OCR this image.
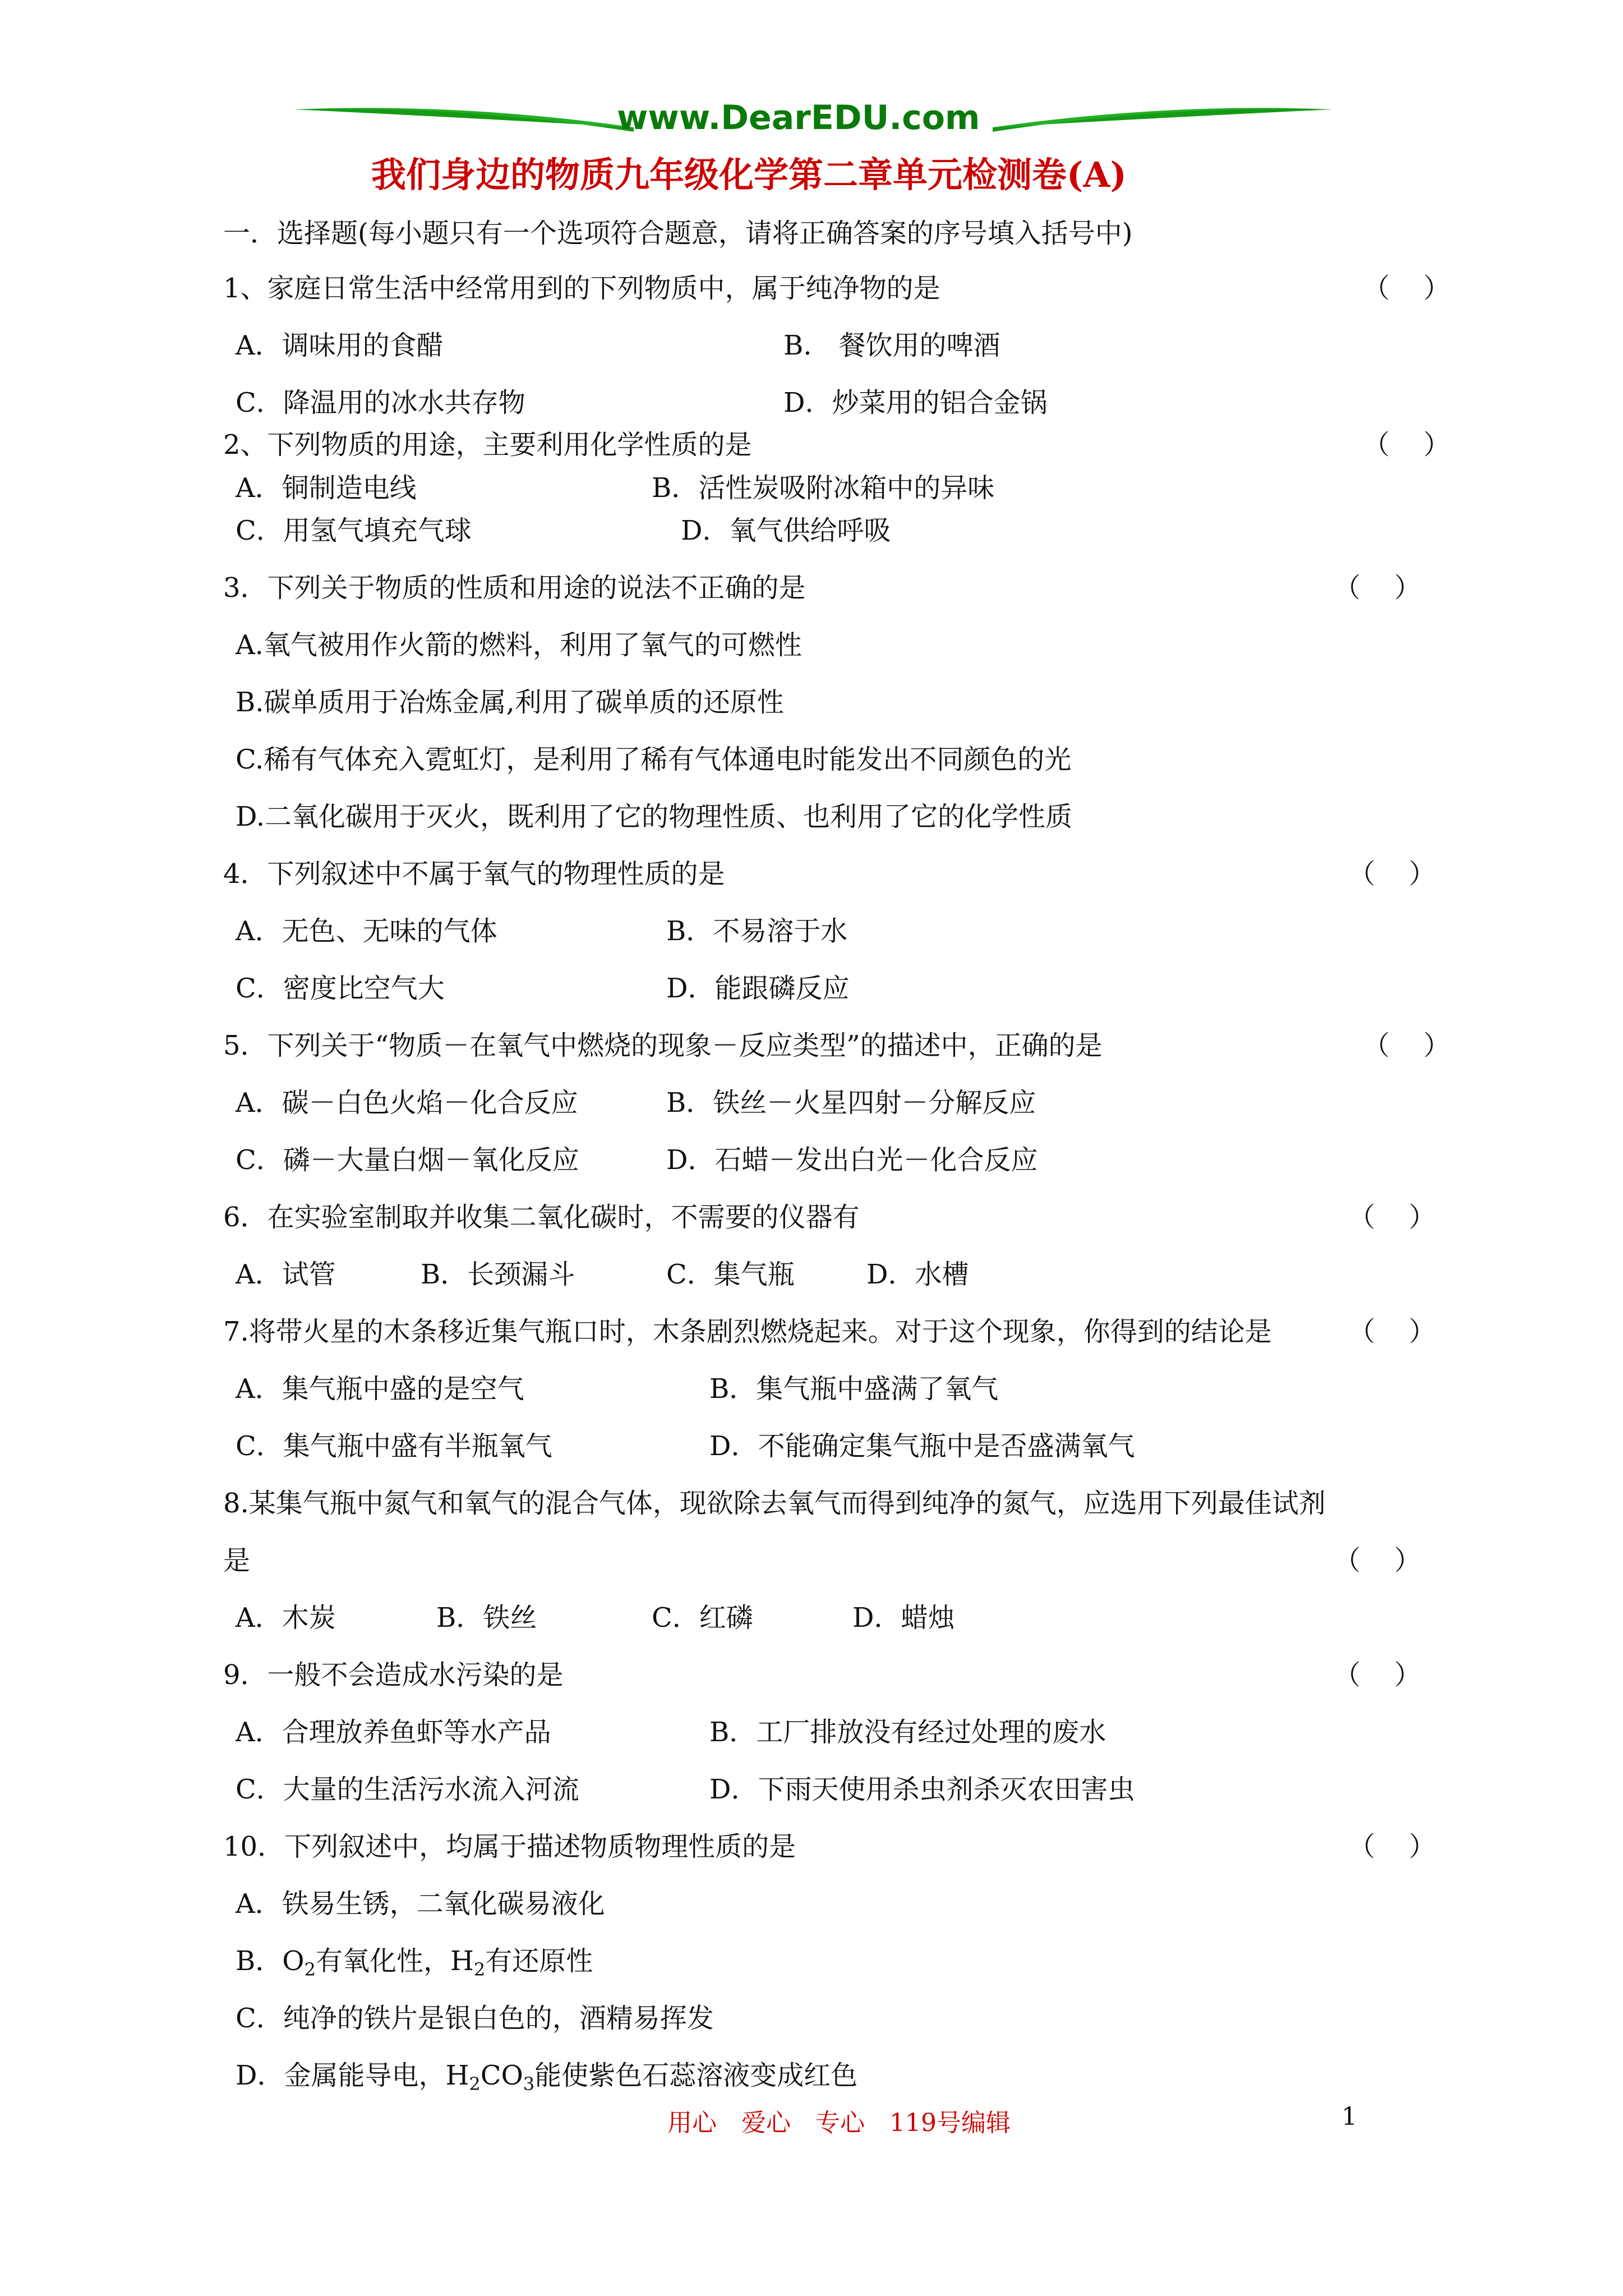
www.DearEDU.com
我们身边的物质九年级化学第二章单元检测卷(A)
一．选择题(每小题只有一个选项符合题意，请将正确答案的序号填入括号中)
1、家庭日常生活中经常用到的下列物质中，属于纯净物的是	（）
A．调味用的食醋	B.　餐饮用的啤酒
C．降温用的冰水共存物	D．炒菜用的铝合金锅
2、下列物质的用途，主要利用化学性质的是	（）
A．铜制造电线	B．活性炭吸附冰箱中的异味
C．用氢气填充气球	D．氧气供给呼吸
3．下列关于物质的性质和用途的说法不正确的是	（）
A.氧气被用作火箭的燃料，利用了氧气的可燃性
B.碳单质用于冶炼金属,利用了碳单质的还原性
C.稀有气体充入霓虹灯，是利用了稀有气体通电时能发出不同颜色的光
D.二氧化碳用于灭火，既利用了它的物理性质、也利用了它的化学性质
4．下列叙述中不属于氧气的物理性质的是	（）
A．无色、无味的气体	B．不易溶于水
C．密度比空气大	D．能跟磷反应
5．下列关于“物质－在氧气中燃烧的现象－反应类型”的描述中，正确的是	（）
A．碳－白色火焰－化合反应	B．铁丝－火星四射－分解反应
C．磷－大量白烟－氧化反应	D．石蜡－发出白光－化合反应
6．在实验室制取并收集二氧化碳时，不需要的仪器有	（）
A．试管	B．长颈漏斗	C．集气瓶	D．水槽
7.将带火星的木条移近集气瓶口时，木条剧烈燃烧起来。对于这个现象，你得到的结论是	（）
A．集气瓶中盛的是空气	B．集气瓶中盛满了氧气
C．集气瓶中盛有半瓶氧气	D．不能确定集气瓶中是否盛满氧气
8.某集气瓶中氮气和氧气的混合气体，现欲除去氧气而得到纯净的氮气，应选用下列最佳试剂
是	（）
A．木炭	B．铁丝	C．红磷	D．蜡烛
9．一般不会造成水污染的是	（）
A．合理放养鱼虾等水产品	B．工厂排放没有经过处理的废水
C．大量的生活污水流入河流	D．下雨天使用杀虫剂杀灭农田害虫
10．下列叙述中，均属于描述物质物理性质的是	（）
A．铁易生锈，二氧化碳易液化
B．$O_2$有氧化性，$H_2$有还原性
C．纯净的铁片是银白色的，酒精易挥发
D．金属能导电，$H_2CO_3$能使紫色石蕊溶液变成红色
用心　爱心　专心　119号编辑	1
